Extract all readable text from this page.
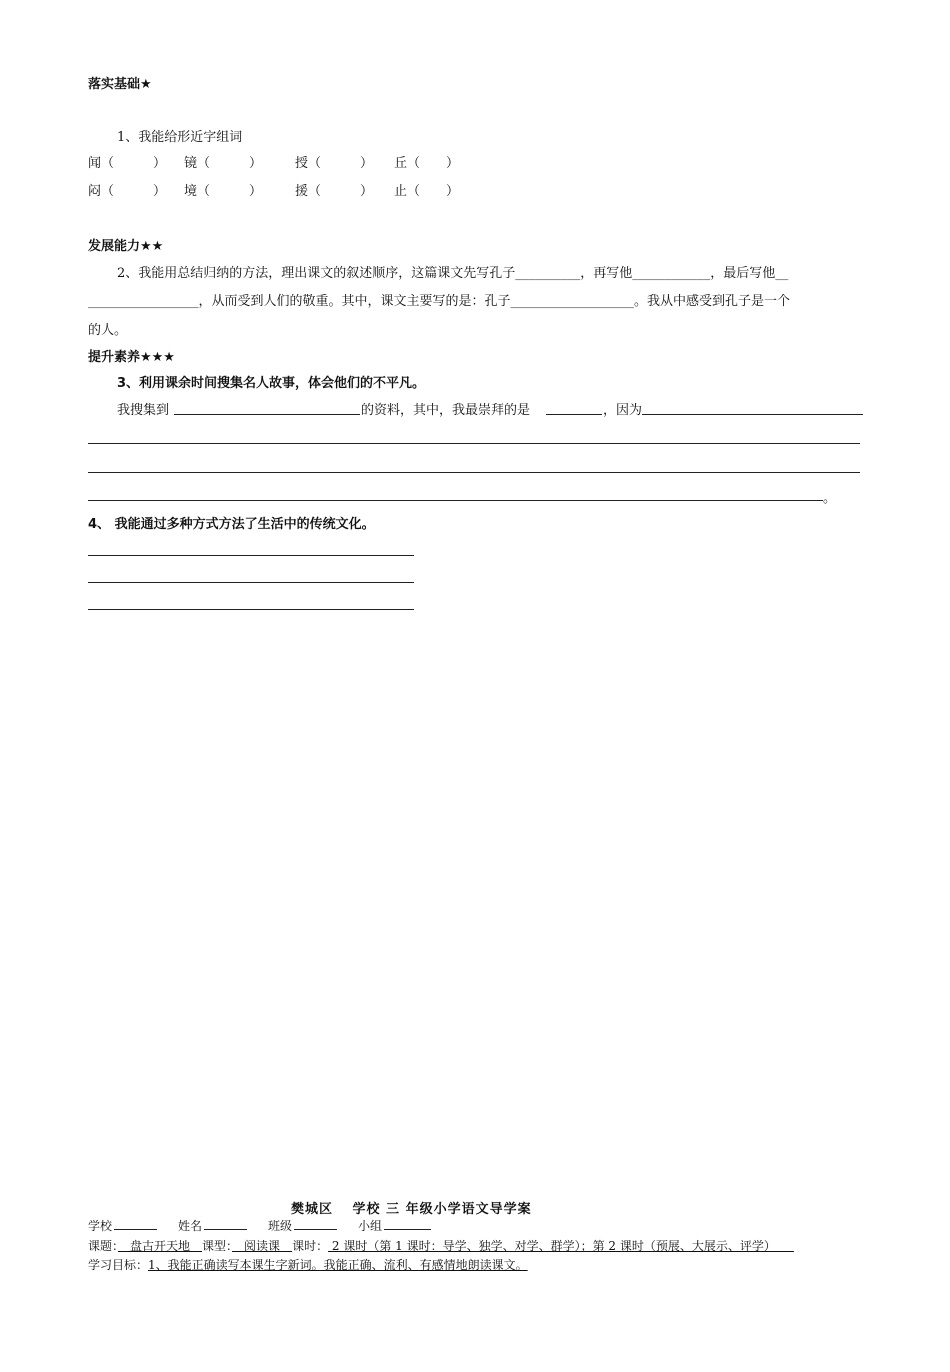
落实基础★
1、我能给形近字组词
闻（　　　） 镜（　　　）	授（　　　） 丘（　　）
闷（　　　） 境（　　　）	援（　　　） 止（　　）
发展能力★★
2、我能用总结归纳的方法，理出课文的叙述顺序，这篇课文先写孔子__________，再写他____________，最后写他__
_________________，从而受到人们的敬重。其中，课文主要写的是：孔子___________________。我从中感受到孔子是一个
的人。
提升素养★★★
3、利用课余时间搜集名人故事，体会他们的不平凡。
我搜集到	的资料，其中，我最崇拜的是	，因为
。
4、 我能通过多种方式方法了生活中的传统文化。
樊城区　 学校 三 年级小学语文导学案
学校	姓名	班级	小组
课题：　盘古开天地　课型：　阅读课　课时： 2 课时（第 1 课时：导学、独学、对学、群学）；第 2 课时（预展、大展示、评学）　　
学习目标：1、我能正确读写本课生字新词。我能正确、流利、有感情地朗读课文。
